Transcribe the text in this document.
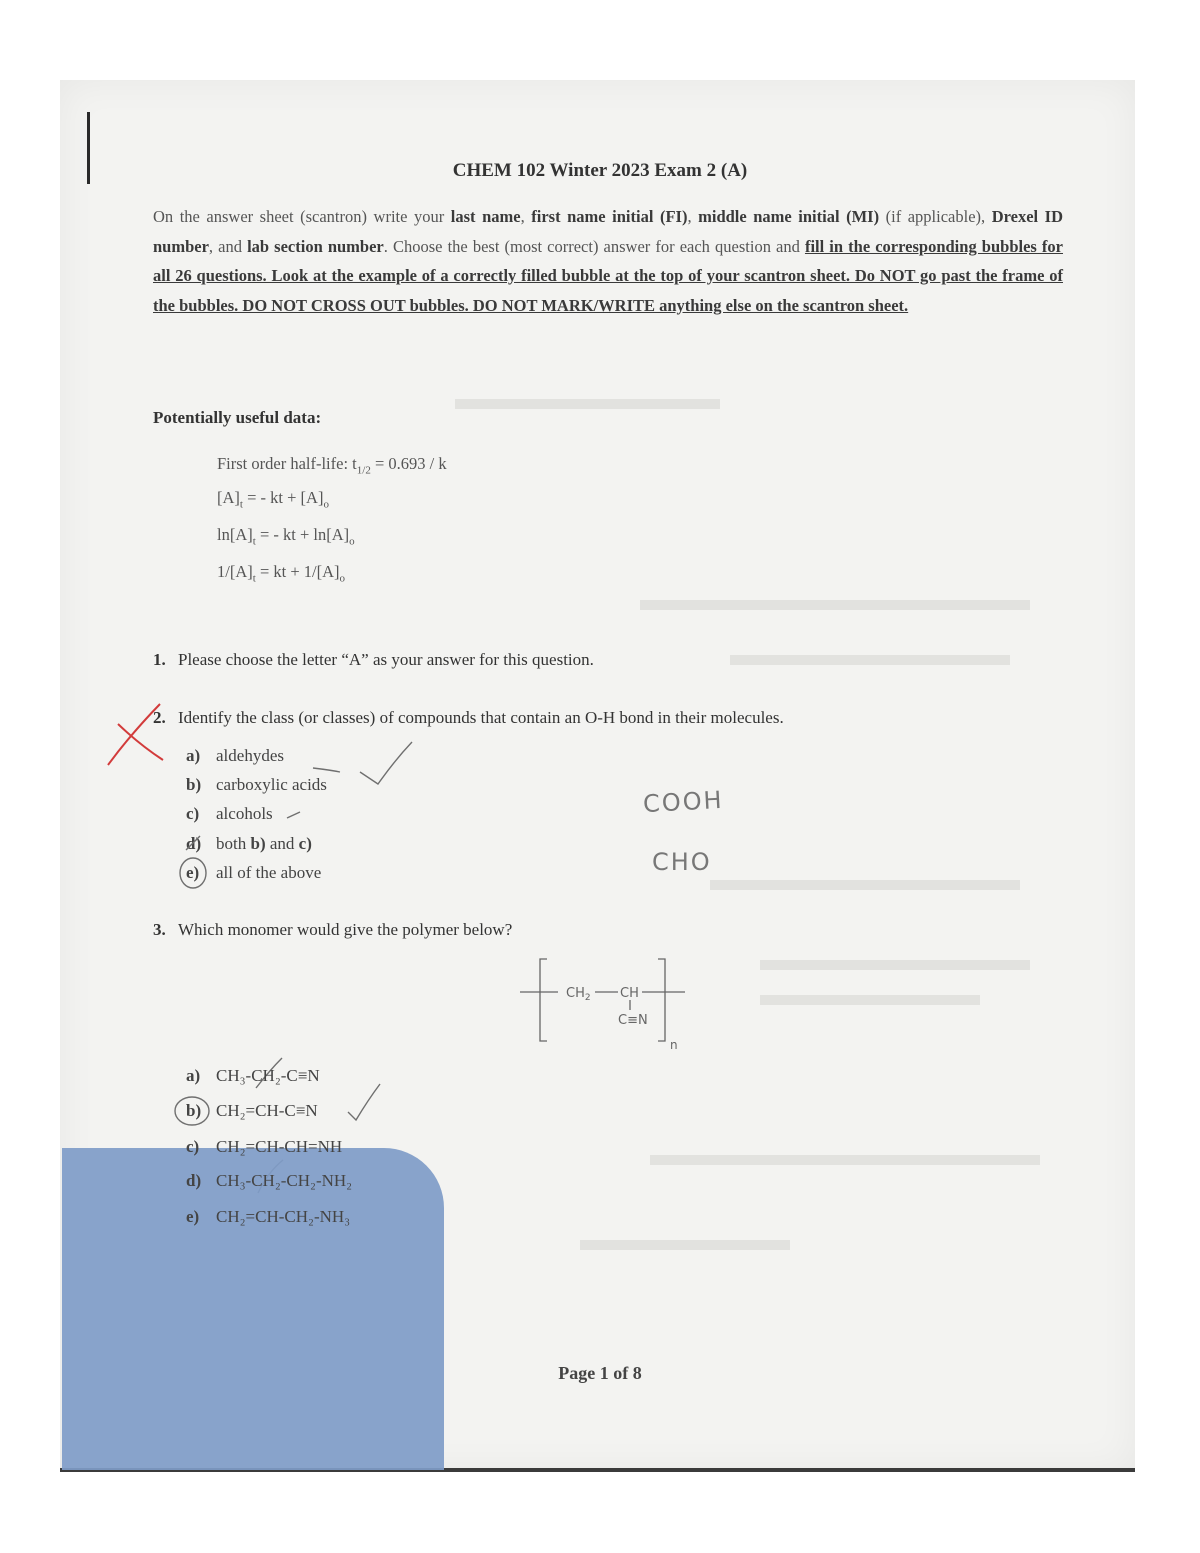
CHEM 102 Winter 2023 Exam 2 (A)
On the answer sheet (scantron) write your last name, first name initial (FI), middle name initial (MI) (if applicable), Drexel ID number, and lab section number. Choose the best (most correct) answer for each question and fill in the corresponding bubbles for all 26 questions. Look at the example of a correctly filled bubble at the top of your scantron sheet. Do NOT go past the frame of the bubbles. DO NOT CROSS OUT bubbles. DO NOT MARK/WRITE anything else on the scantron sheet.
Potentially useful data:
First order half-life: $t_{1/2} = 0.693 / k$
$[A]_t$ = - kt + $[A]_o$
$\ln[A]_t$ = - kt + $\ln[A]_o$
$1/[A]_t$ = kt + $1/[A]_o$
1. Please choose the letter “A” as your answer for this question.
2. Identify the class (or classes) of compounds that contain an O-H bond in their molecules.
a) aldehydes
b) carboxylic acids
c) alcohols
d) both b) and c)
e) all of the above
COOH
CHO
3. Which monomer would give the polymer below?
$CH_2$ CH
C≡N
n
a) CH₃-CH₂-C≡N
b) CH₂=CH-C≡N
c) CH₂=CH-CH=NH
d) CH₃-CH₂-CH₂-NH₂
e) CH₂=CH-CH₂-NH₃
Page 1 of 8
